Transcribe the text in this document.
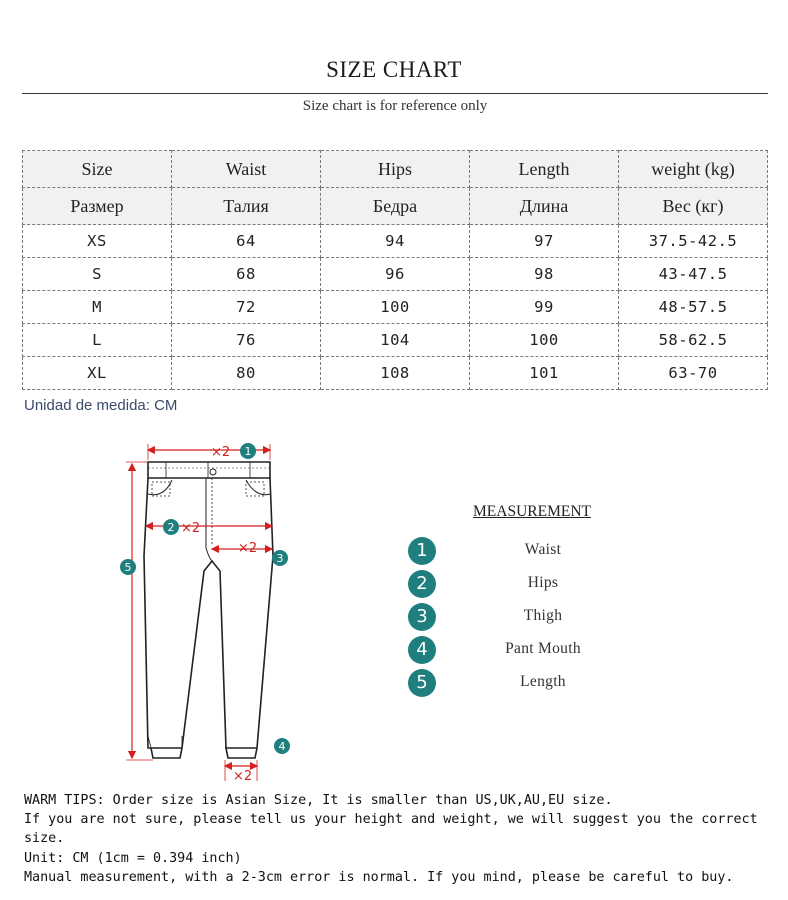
SIZE CHART
Size chart is for reference only
Size	Waist	Hips	Length	weight (kg)
Размер	Талия	Бедра	Длина	Вес (кг)
XS	64	94	97	37.5-42.5
S	68	96	98	43-47.5
M	72	100	99	48-57.5
L	76	104	100	58-62.5
XL	80	108	101	63-70
Unidad de medida: CM
×2
×2
×2
×2
1
2
3
4
5
MEASUREMENT
1	Waist
2	Hips
3	Thigh
4	Pant Mouth
5	Length

WARM TIPS: Order size is Asian Size, It is smaller than US,UK,AU,EU size.

If you are not sure, please tell us your height and weight, we will suggest you the correct size.

Unit: CM (1cm = 0.394 inch)

Manual measurement, with a 2-3cm error is normal. If you mind, please be careful to buy.
